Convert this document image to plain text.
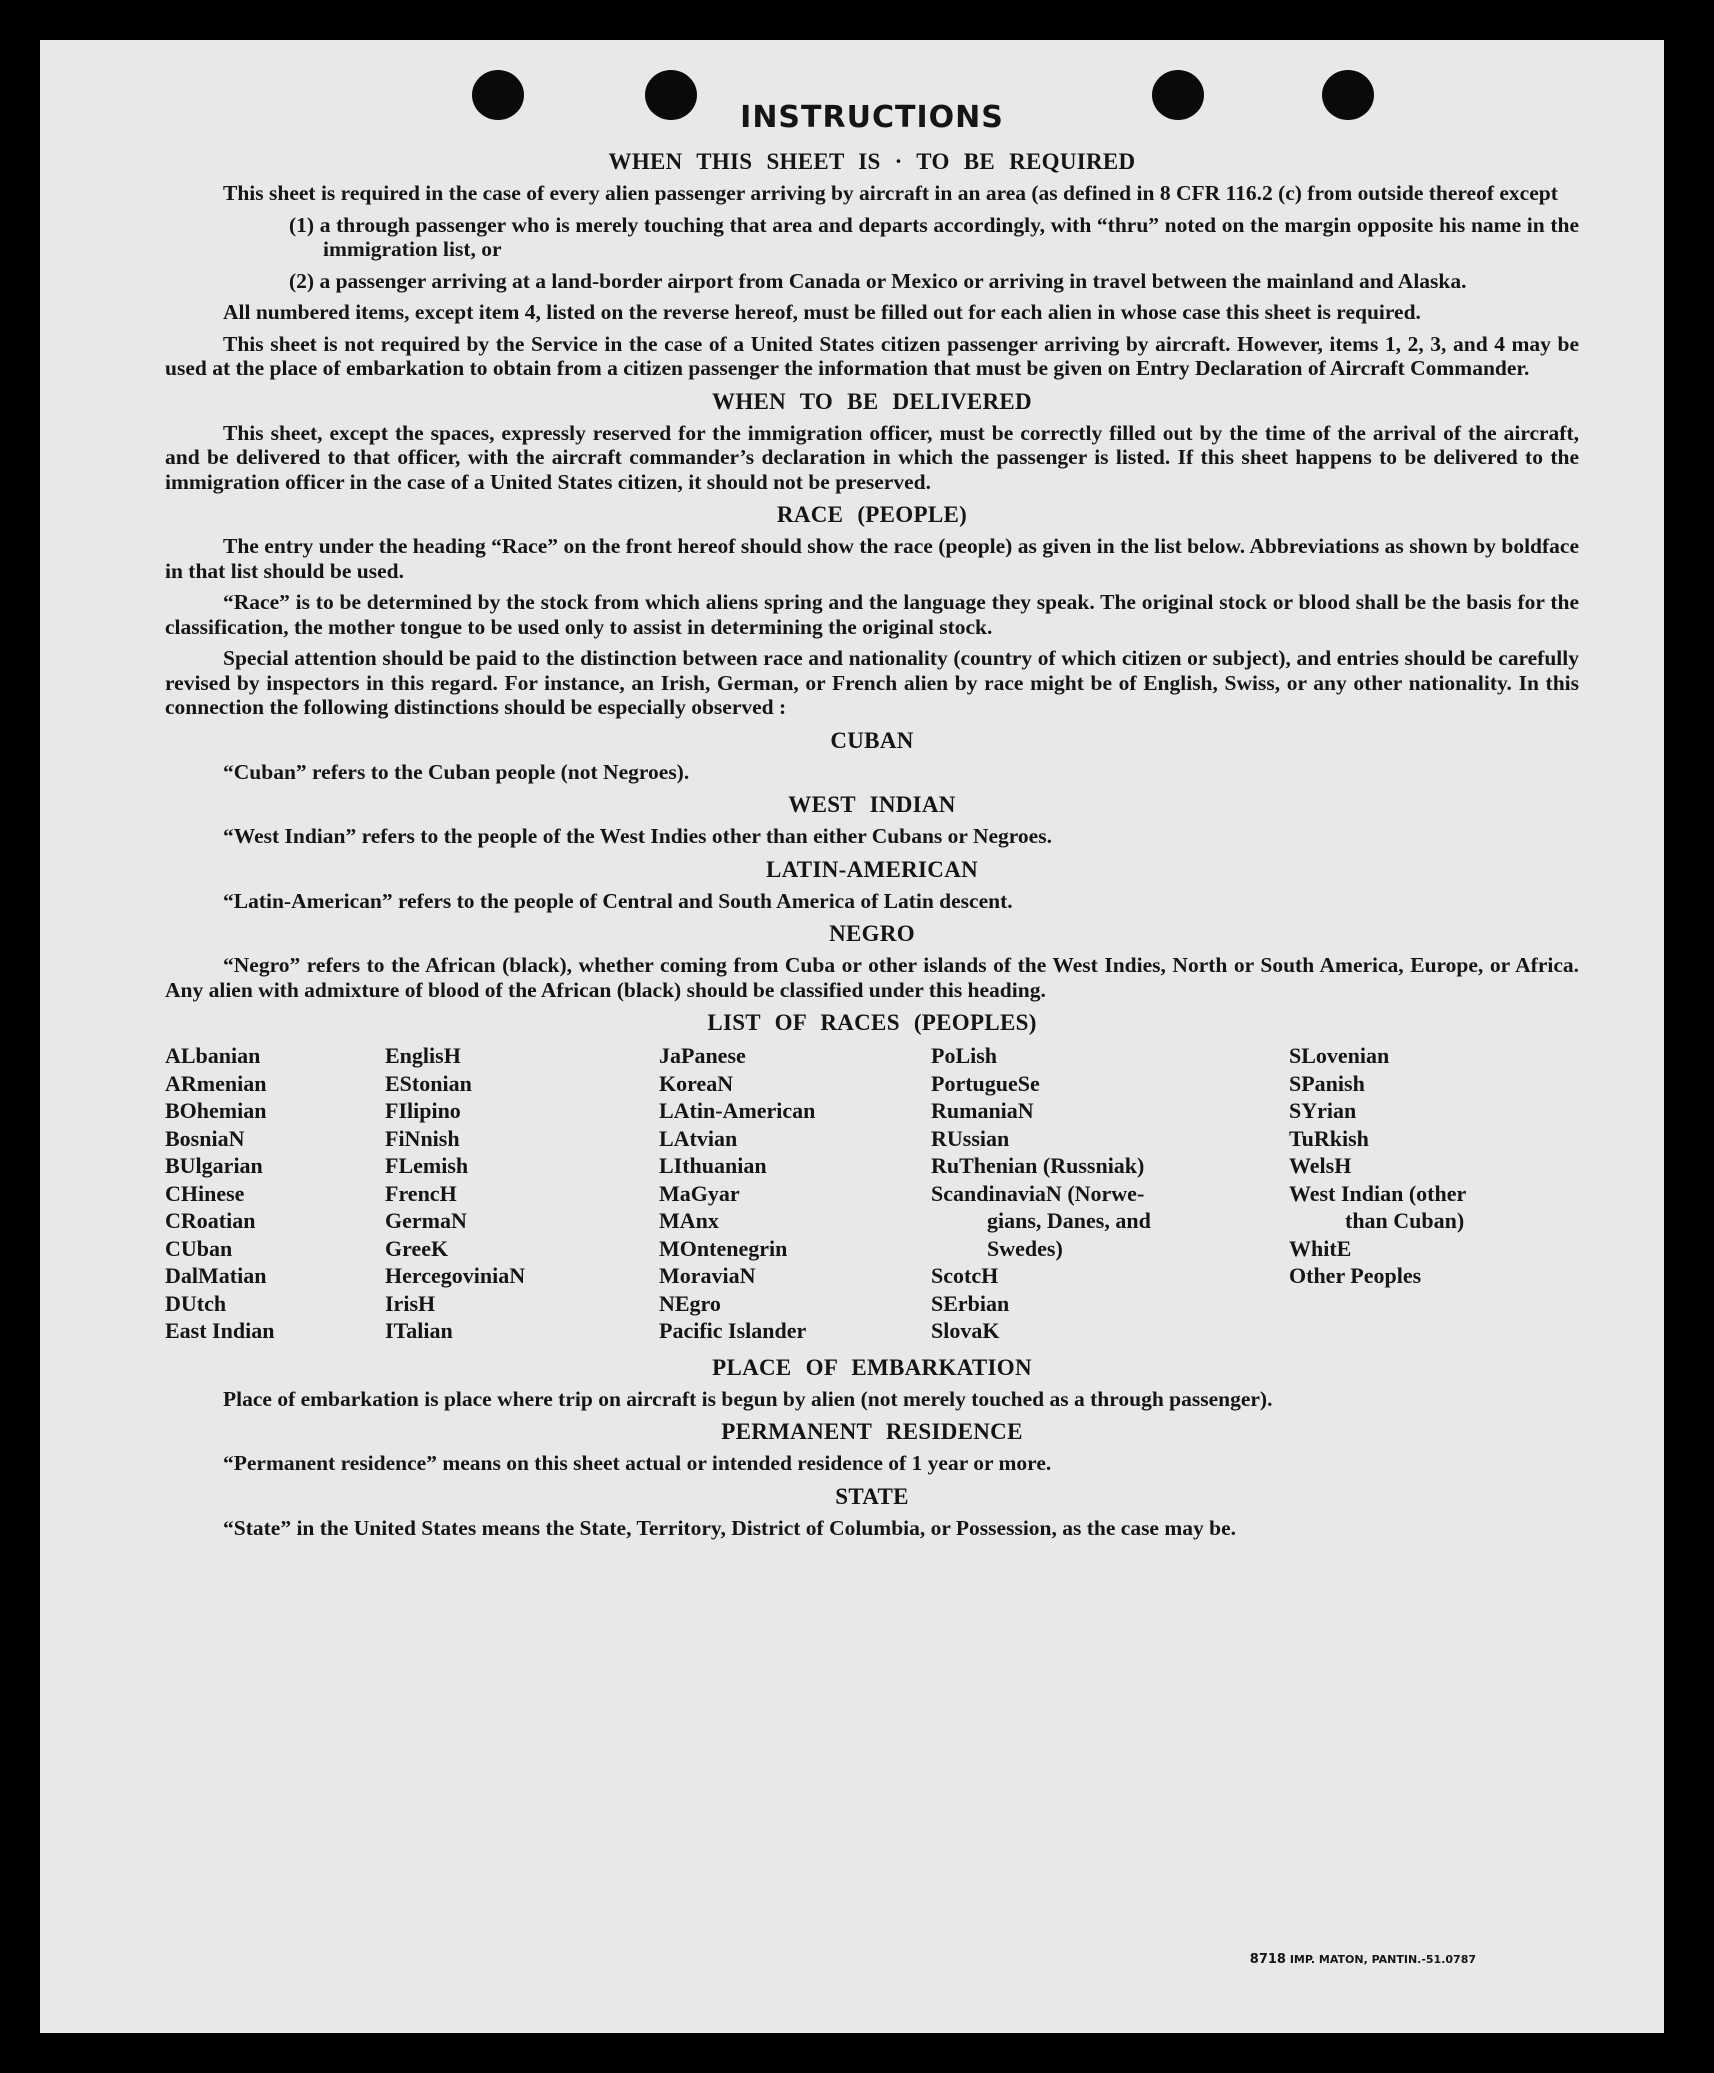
INSTRUCTIONS
WHEN THIS SHEET IS · TO BE REQUIRED

This sheet is required in the case of every alien passenger arriving by aircraft in an area (as defined in 8 CFR 116.2 (c) from outside thereof except

(1) a through passenger who is merely touching that area and departs accordingly, with “thru” noted on the margin opposite his name in the immigration list, or

(2) a passenger arriving at a land-border airport from Canada or Mexico or arriving in travel between the mainland and Alaska.

All numbered items, except item 4, listed on the reverse hereof, must be filled out for each alien in whose case this sheet is required.

This sheet is not required by the Service in the case of a United States citizen passenger arriving by aircraft. However, items 1, 2, 3, and 4 may be used at the place of embarkation to obtain from a citizen passenger the information that must be given on Entry Declaration of Aircraft Commander.

WHEN TO BE DELIVERED

This sheet, except the spaces, expressly reserved for the immigration officer, must be correctly filled out by the time of the arrival of the aircraft, and be delivered to that officer, with the aircraft commander’s declaration in which the passenger is listed. If this sheet happens to be delivered to the immigration officer in the case of a United States citizen, it should not be preserved.

RACE (PEOPLE)

The entry under the heading “Race” on the front hereof should show the race (people) as given in the list below. Abbreviations as shown by boldface in that list should be used.

“Race” is to be determined by the stock from which aliens spring and the language they speak. The original stock or blood shall be the basis for the classification, the mother tongue to be used only to assist in determining the original stock.

Special attention should be paid to the distinction between race and nationality (country of which citizen or subject), and entries should be carefully revised by inspectors in this regard. For instance, an Irish, German, or French alien by race might be of English, Swiss, or any other nationality. In this connection the following distinctions should be especially observed :

CUBAN

“Cuban” refers to the Cuban people (not Negroes).

WEST INDIAN

“West Indian” refers to the people of the West Indies other than either Cubans or Negroes.

LATIN-AMERICAN

“Latin-American” refers to the people of Central and South America of Latin descent.

NEGRO

“Negro” refers to the African (black), whether coming from Cuba or other islands of the West Indies, North or South America, Europe, or Africa. Any alien with admixture of blood of the African (black) should be classified under this heading.

LIST OF RACES (PEOPLES)
ALbanian
ARmenian
BOhemian
BosniaN
BUlgarian
CHinese
CRoatian
CUban
DalMatian
DUtch
East Indian
EnglisH
EStonian
FIlipino
FiNnish
FLemish
FrencH
GermaN
GreeK
HercegoviniaN
IrisH
ITalian
JaPanese
KoreaN
LAtin-American
LAtvian
LIthuanian
MaGyar
MAnx
MOntenegrin
MoraviaN
NEgro
Pacific Islander
PoLish
PortugueSe
RumaniaN
RUssian
RuThenian (Russniak)
ScandinaviaN (Norwe-
gians, Danes, and
Swedes)
ScotcH
SErbian
SlovaK
SLovenian
SPanish
SYrian
TuRkish
WelsH
West Indian (other
than Cuban)
WhitE
Other Peoples
PLACE OF EMBARKATION

Place of embarkation is place where trip on aircraft is begun by alien (not merely touched as a through passenger).

PERMANENT RESIDENCE

“Permanent residence” means on this sheet actual or intended residence of 1 year or more.

STATE

“State” in the United States means the State, Territory, District of Columbia, or Possession, as the case may be.

8718 IMP. MATON, PANTIN.-51.0787
